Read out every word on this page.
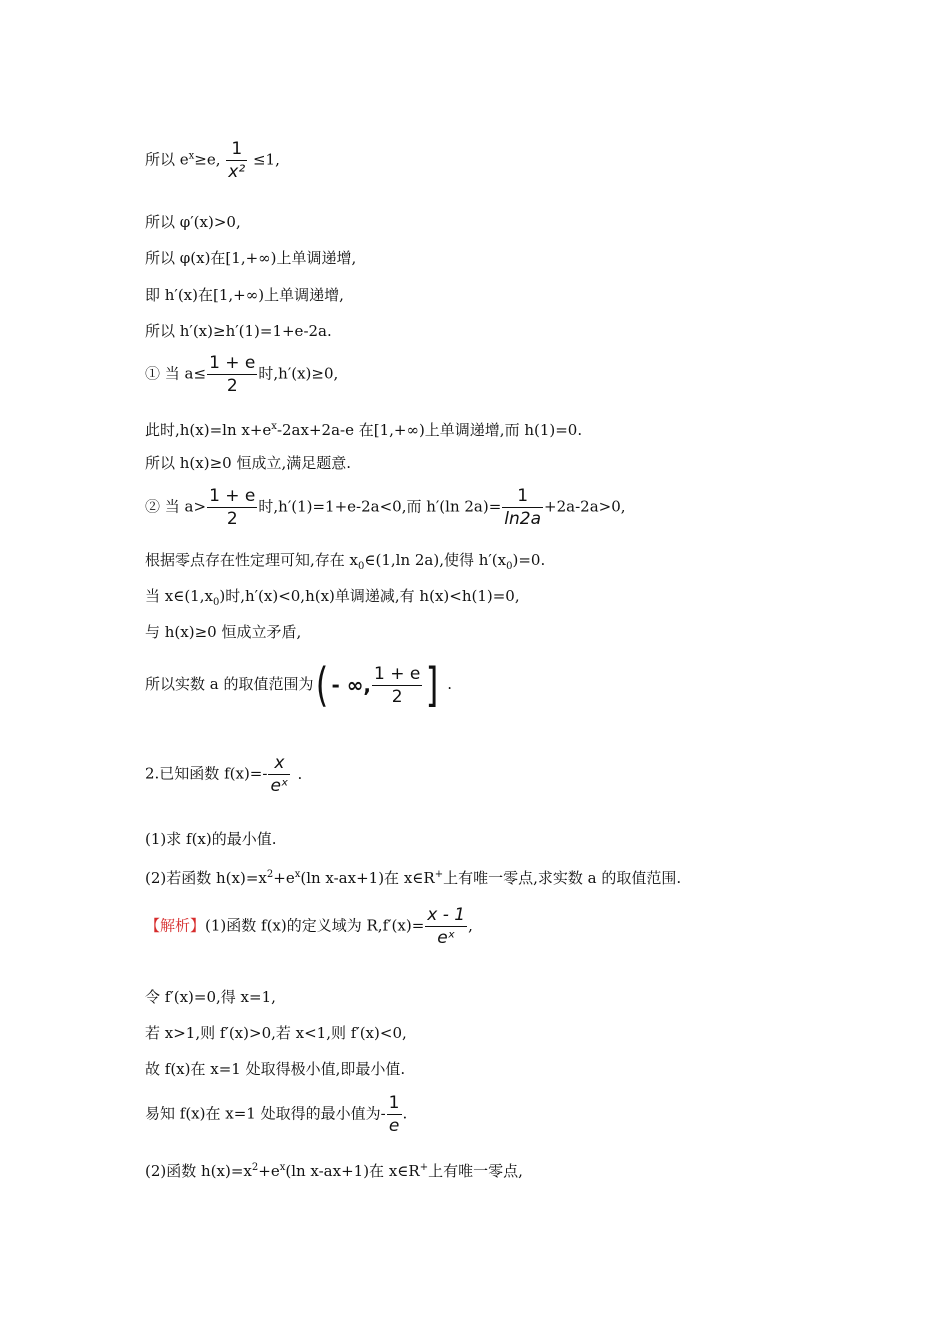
所以 $e^x\ge e$, $\frac{1}{\text{x²}} \le 1$,
所以 φ′(x)>0,
所以 φ(x)在[1,+∞)上单调递增,
即 h′(x)在[1,+∞)上单调递增,
所以 h′(x)≥h′(1)=1+e-2a.
① 当 $a\le \frac{1 + e}{2}$ 时,h′(x)≥0,
此时,h(x)=ln $x+e^x-2ax+2a-e$ 在[1,+∞)上单调递增,而 h(1)=0.
所以 h(x)≥0 恒成立,满足题意.
② 当 $a> \frac{1 + e}{2}$ 时,h′(1)=1+e-2a<0,而 h′(ln $2a)= \frac{1}{\ln 2a} +2a-2a>0$,
根据零点存在性定理可知,存在 $x_0\in(1,\ln$ 2a),使得 $h'(x_0)=0$.
当 $x\in(1,x_0)$时,h′(x)<0,h(x)单调递减,有 h(x)<h(1)=0,
与 h(x)≥0 恒成立矛盾,
所以实数 a 的取值范围为( - ∞, $\frac{1 + e}{2}$ ] .
2.已知函数 $f(x)=- \frac{x}{\text{eˣ}}$ .
(1)求 f(x)的最小值.
(2)若函数 $h(x)=x^2+e^x(\ln$ x-ax+1)在 x∈R+上有唯一零点,求实数 a 的取值范围.
【解析】(1)函数 f(x)的定义域为 $R,f'(x)= \frac{x - 1}{\text{eˣ}}$ ,
令 f′(x)=0,得 x=1,
若 x>1,则 f′(x)>0,若 x<1,则 f′(x)<0,
故 f(x)在 x=1 处取得极小值,即最小值.
易知 f(x)在 x=1 处取得的最小值为- $\frac{1}{e}$ .
(2)函数 $h(x)=x^2+e^x(\ln$ x-ax+1)在 x∈R+上有唯一零点,
